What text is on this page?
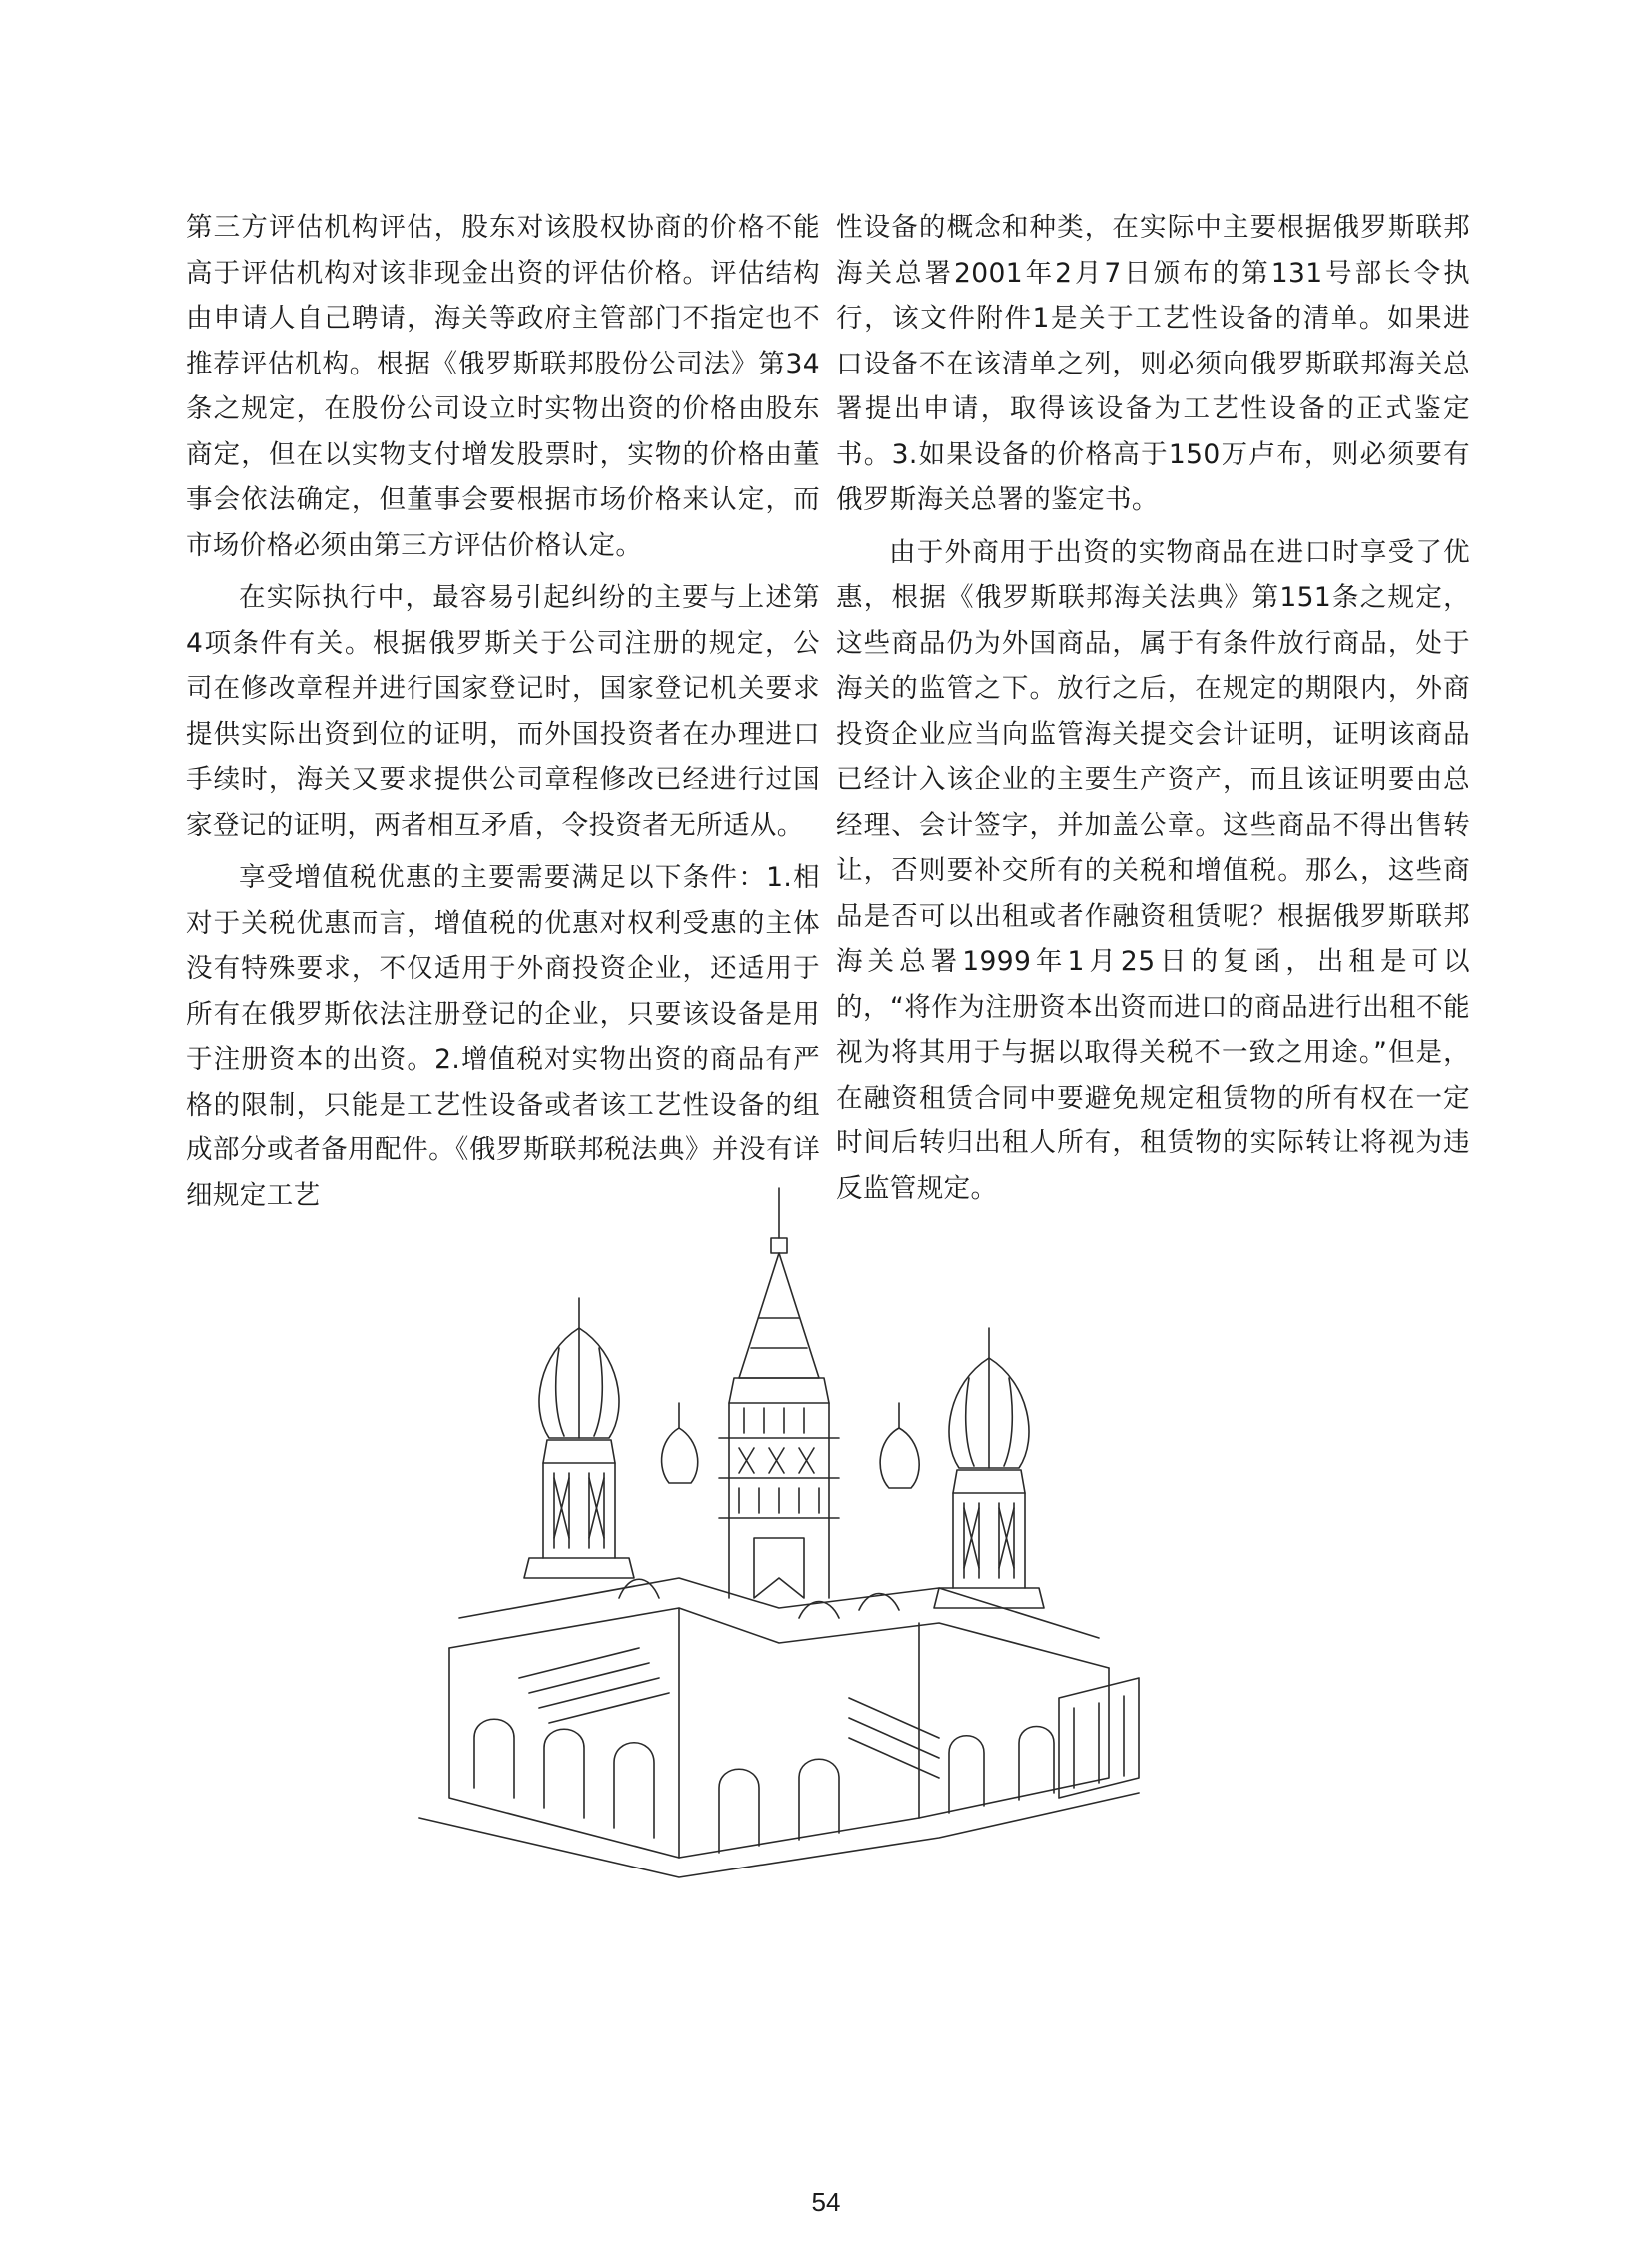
第三方评估机构评估，股东对该股权协商的价格不能高于评估机构对该非现金出资的评估价格。评估结构由申请人自己聘请，海关等政府主管部门不指定也不推荐评估机构。根据《俄罗斯联邦股份公司法》第34条之规定，在股份公司设立时实物出资的价格由股东商定，但在以实物支付增发股票时，实物的价格由董事会依法确定，但董事会要根据市场价格来认定，而市场价格必须由第三方评估价格认定。

在实际执行中，最容易引起纠纷的主要与上述第4项条件有关。根据俄罗斯关于公司注册的规定，公司在修改章程并进行国家登记时，国家登记机关要求提供实际出资到位的证明，而外国投资者在办理进口手续时，海关又要求提供公司章程修改已经进行过国家登记的证明，两者相互矛盾，令投资者无所适从。

享受增值税优惠的主要需要满足以下条件：1.相对于关税优惠而言，增值税的优惠对权利受惠的主体没有特殊要求，不仅适用于外商投资企业，还适用于所有在俄罗斯依法注册登记的企业，只要该设备是用于注册资本的出资。2.增值税对实物出资的商品有严格的限制，只能是工艺性设备或者该工艺性设备的组成部分或者备用配件。《俄罗斯联邦税法典》并没有详细规定工艺

性设备的概念和种类，在实际中主要根据俄罗斯联邦海关总署2001年2月7日颁布的第131号部长令执行，该文件附件1是关于工艺性设备的清单。如果进口设备不在该清单之列，则必须向俄罗斯联邦海关总署提出申请，取得该设备为工艺性设备的正式鉴定书。3.如果设备的价格高于150万卢布，则必须要有俄罗斯海关总署的鉴定书。

由于外商用于出资的实物商品在进口时享受了优惠，根据《俄罗斯联邦海关法典》第151条之规定，这些商品仍为外国商品，属于有条件放行商品，处于海关的监管之下。放行之后，在规定的期限内，外商投资企业应当向监管海关提交会计证明，证明该商品已经计入该企业的主要生产资产，而且该证明要由总经理、会计签字，并加盖公章。这些商品不得出售转让，否则要补交所有的关税和增值税。那么，这些商品是否可以出租或者作融资租赁呢？根据俄罗斯联邦海关总署1999年1月25日的复函，出租是可以的，“将作为注册资本出资而进口的商品进行出租不能视为将其用于与据以取得关税不一致之用途。”但是，在融资租赁合同中要避免规定租赁物的所有权在一定时间后转归出租人所有，租赁物的实际转让将视为违反监管规定。

54
